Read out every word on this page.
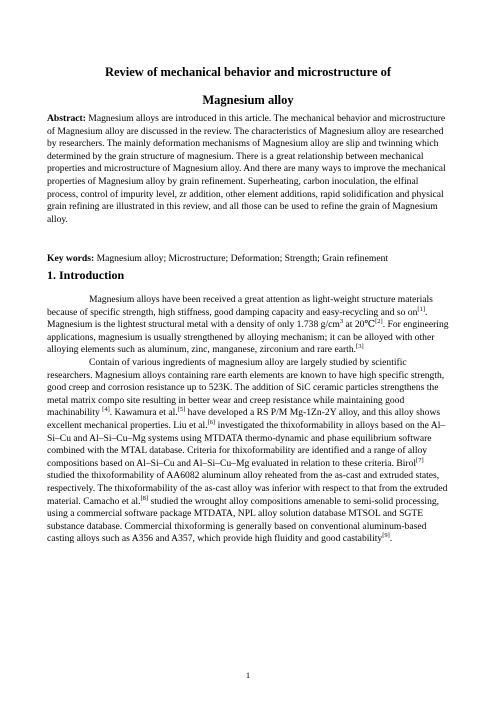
Review of mechanical behavior and microstructure of
Magnesium alloy

Abstract: Magnesium alloys are introduced in this article. The mechanical behavior and microstructure of Magnesium alloy are discussed in the review. The characteristics of Magnesium alloy are researched by researchers. The mainly deformation mechanisms of Magnesium alloy are slip and twinning which determined by the grain structure of magnesium. There is a great relationship between mechanical properties and microstructure of Magnesium alloy. And there are many ways to improve the mechanical properties of Magnesium alloy by grain refinement. Superheating, carbon inoculation, the elfinal process, control of impurity level, zr addition, other element additions, rapid solidification and physical grain refining are illustrated in this review, and all those can be used to refine the grain of Magnesium alloy.

Key words: Magnesium alloy; Microstructure; Deformation; Strength; Grain refinement
1. Introduction

Magnesium alloys have been received a great attention as light-weight structure materials because of specific strength, high stiffness, good damping capacity and easy-recycling and so on[1]. Magnesium is the lightest structural metal with a density of only 1.738 $g/cm^3$ at 20℃[2]. For engineering applications, magnesium is usually strengthened by alloying mechanism; it can be alloyed with other alloying elements such as aluminum, zinc, manganese, zirconium and rare earth.[3]

Contain of various ingredients of magnesium alloy are largely studied by scientific researchers. Magnesium alloys containing rare earth elements are known to have high specific strength, good creep and corrosion resistance up to 523K. The addition of SiC ceramic particles strengthens the metal matrix compo site resulting in better wear and creep resistance while maintaining good machinability [4]. Kawamura et al.[5] have developed a RS P/M Mg-1Zn-2Y alloy, and this alloy shows excellent mechanical properties. Liu et al.[6] investigated the thixoformability in alloys based on the Al–Si–Cu and Al–Si–Cu–Mg systems using MTDATA thermo-dynamic and phase equilibrium software combined with the MTAL database. Criteria for thixoformability are identified and a range of alloy compositions based on Al–Si–Cu and Al–Si–Cu–Mg evaluated in relation to these criteria. Birol[7] studied the thixoformability of AA6082 aluminum alloy reheated from the as-cast and extruded states, respectively. The thixoformability of the as-cast alloy was inferior with respect to that from the extruded material. Camacho et al.[8] studied the wrought alloy compositions amenable to semi-solid processing, using a commercial software package MTDATA, NPL alloy solution database MTSOL and SGTE substance database. Commercial thixoforming is generally based on conventional aluminum-based casting alloys such as A356 and A357, which provide high fluidity and good castability[9].

1
